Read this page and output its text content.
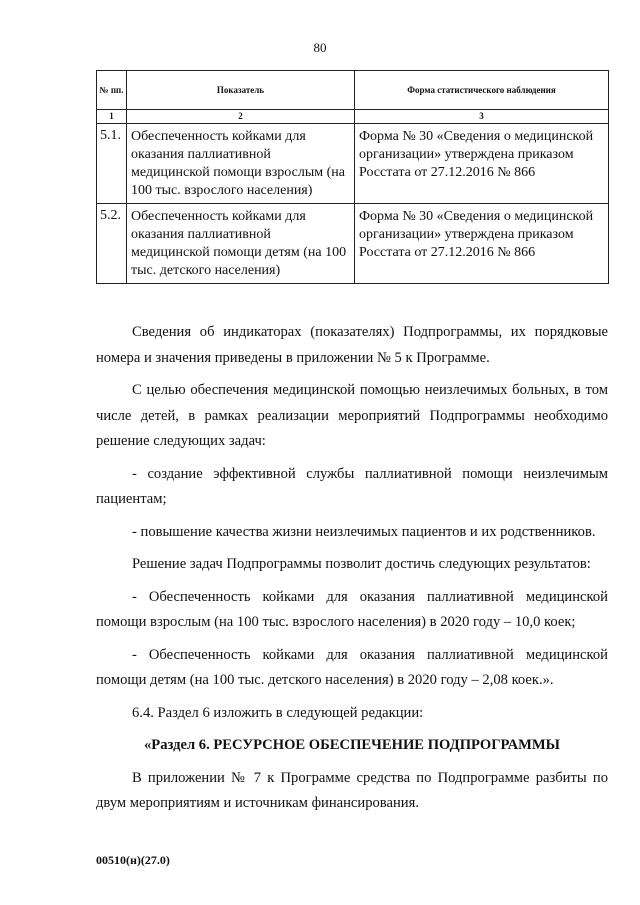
80
№ пп.	Показатель	Форма статистического наблюдения
1	2	3
5.1.	Обеспеченность койками для оказания паллиативной медицинской помощи взрослым (на 100 тыс. взрослого населения)	Форма № 30 «Сведения о медицинской организации» утверждена приказом Росстата от 27.12.2016 № 866
5.2.	Обеспеченность койками для оказания паллиативной медицинской помощи детям (на 100 тыс. детского населения)	Форма № 30 «Сведения о медицинской организации» утверждена приказом Росстата от 27.12.2016 № 866

Сведения об индикаторах (показателях) Подпрограммы, их порядковые номера и значения приведены в приложении № 5 к Программе.

С целью обеспечения медицинской помощью неизлечимых больных, в том числе детей, в рамках реализации мероприятий Подпрограммы необходимо решение следующих задач:

- создание эффективной службы паллиативной помощи неизлечимым пациентам;

- повышение качества жизни неизлечимых пациентов и их родственников.

Решение задач Подпрограммы позволит достичь следующих результатов:

- Обеспеченность койками для оказания паллиативной медицинской помощи взрослым (на 100 тыс. взрослого населения) в 2020 году – 10,0 коек;

- Обеспеченность койками для оказания паллиативной медицинской помощи детям (на 100 тыс. детского населения) в 2020 году – 2,08 коек.».

6.4. Раздел 6 изложить в следующей редакции:

«Раздел 6. РЕСУРСНОЕ ОБЕСПЕЧЕНИЕ ПОДПРОГРАММЫ

В приложении № 7 к Программе средства по Подпрограмме разбиты по двум мероприятиям и источникам финансирования.

00510(н)(27.0)
